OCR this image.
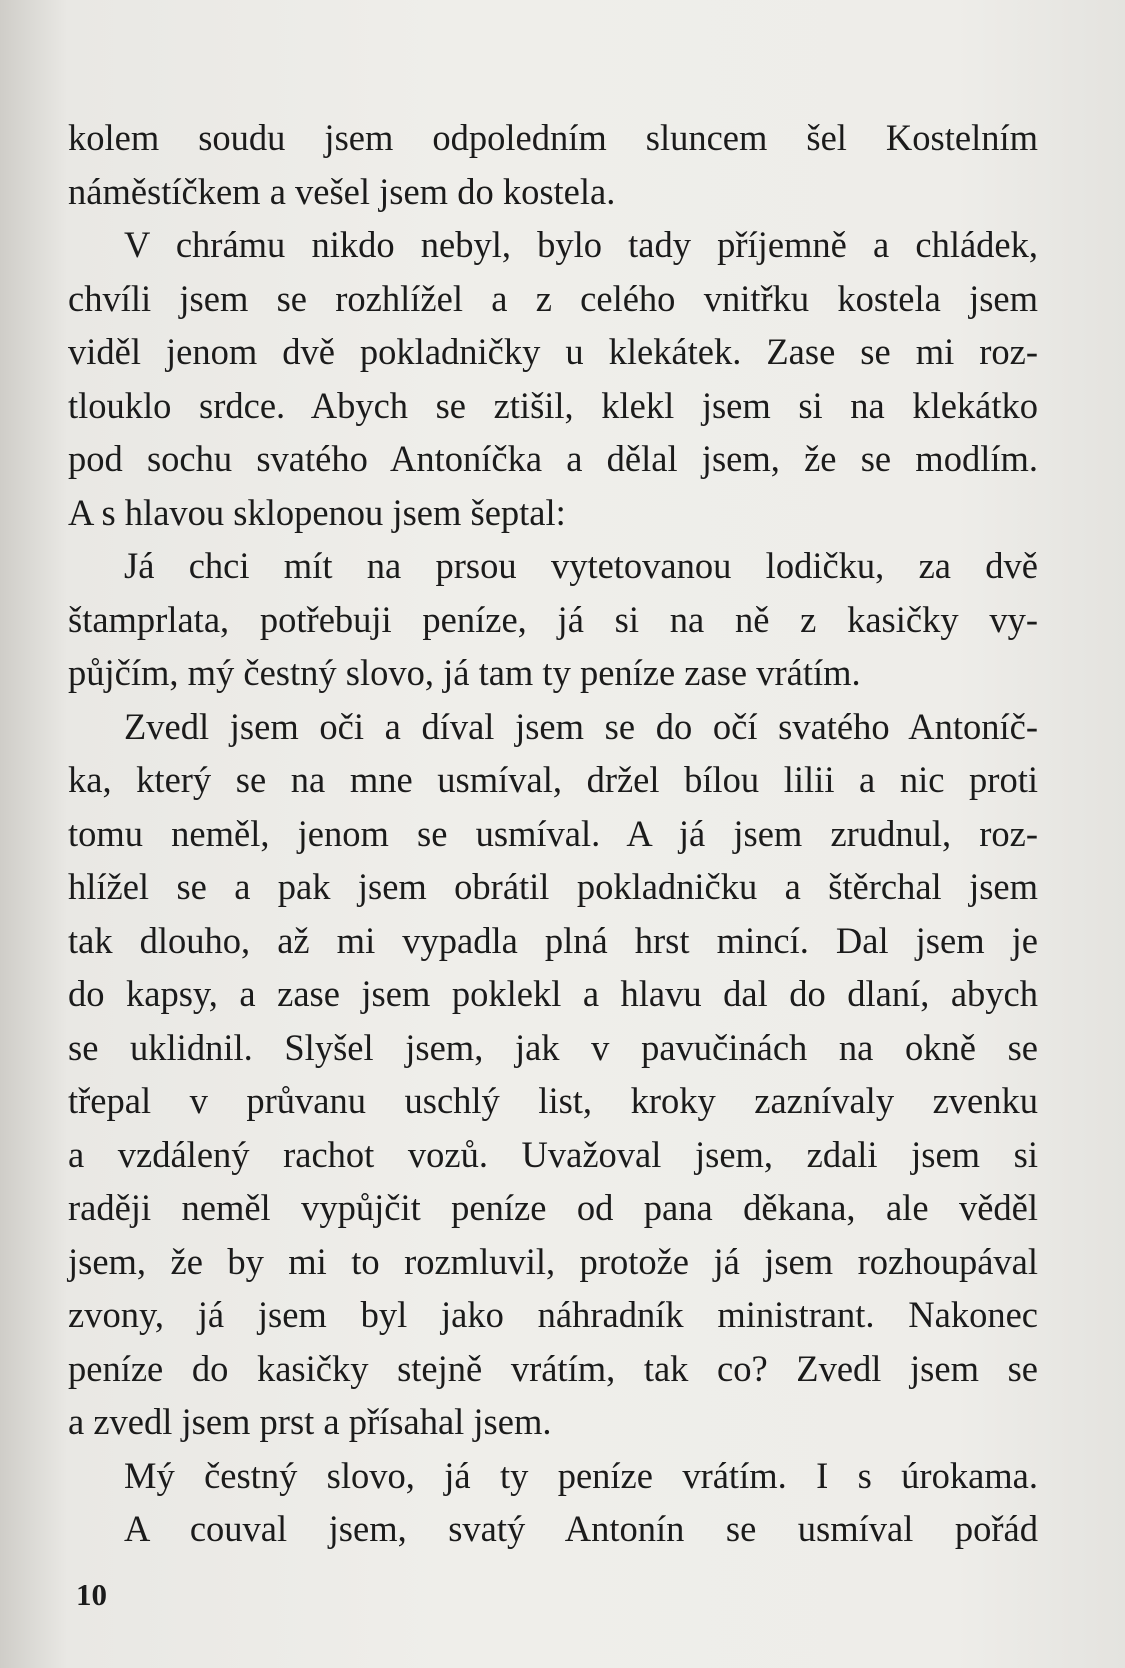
kolem soudu jsem odpoledním sluncem šel Kostelním
náměstíčkem a vešel jsem do kostela.
V chrámu nikdo nebyl, bylo tady příjemně a chládek,
chvíli jsem se rozhlížel a z celého vnitřku kostela jsem
viděl jenom dvě pokladničky u klekátek. Zase se mi roz-
tlouklo srdce. Abych se ztišil, klekl jsem si na klekátko
pod sochu svatého Antoníčka a dělal jsem, že se modlím.
A s hlavou sklopenou jsem šeptal:
Já chci mít na prsou vytetovanou lodičku, za dvě
štamprlata, potřebuji peníze, já si na ně z kasičky vy-
půjčím, mý čestný slovo, já tam ty peníze zase vrátím.
Zvedl jsem oči a díval jsem se do očí svatého Antoníč-
ka, který se na mne usmíval, držel bílou lilii a nic proti
tomu neměl, jenom se usmíval. A já jsem zrudnul, roz-
hlížel se a pak jsem obrátil pokladničku a štěrchal jsem
tak dlouho, až mi vypadla plná hrst mincí. Dal jsem je
do kapsy, a zase jsem poklekl a hlavu dal do dlaní, abych
se uklidnil. Slyšel jsem, jak v pavučinách na okně se
třepal v průvanu uschlý list, kroky zaznívaly zvenku
a vzdálený rachot vozů. Uvažoval jsem, zdali jsem si
raději neměl vypůjčit peníze od pana děkana, ale věděl
jsem, že by mi to rozmluvil, protože já jsem rozhoupával
zvony, já jsem byl jako náhradník ministrant. Nakonec
peníze do kasičky stejně vrátím, tak co? Zvedl jsem se
a zvedl jsem prst a přísahal jsem.
Mý čestný slovo, já ty peníze vrátím. I s úrokama.
A couval jsem, svatý Antonín se usmíval pořád
10
